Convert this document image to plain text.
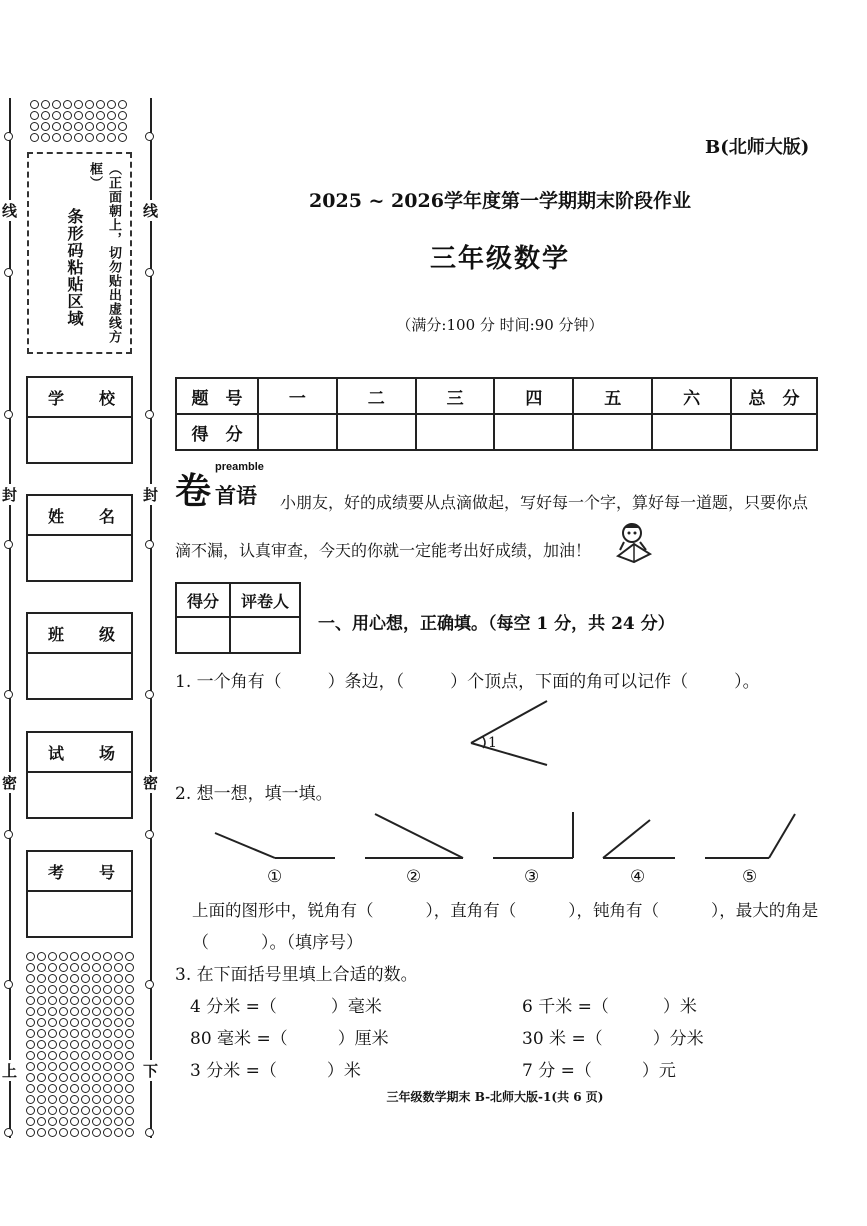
线
封
密
上
线
封
密
下
条形码粘贴区域	（正面朝上，切勿贴出虚线方框）
学 校
姓 名
班 级
试 场
考 号
B(北师大版)
2025 ~ 2026学年度第一学期期末阶段作业
三年级数学
（满分:100 分 时间:90 分钟）
题　号	一	二	三	四	五	六	总　分
得　分							
卷
preamble
首语 小朋友，好的成绩要从点滴做起，写好每一个字，算好每一道题，只要你点
滴不漏，认真审查，今天的你就一定能考出好成绩，加油！
得分	评卷人

一、用心想，正确填。（每空 1 分，共 24 分）
1. 一个角有（	）条边，（	）个顶点，下面的角可以记作（	）。
1
2. 想一想，填一填。
①	②	③	④	⑤
上面的图形中，锐角有（	），直角有（	），钝角有（	），最大的角是
（	）。（填序号）
3. 在下面括号里填上合适的数。
4 分米 =（	）毫米	6 千米 =（	）米
80 毫米 =（	）厘米	30 米 =（	）分米
3 分米 =（	）米	7 分 =（	）元
三年级数学期末 B-北师大版-1(共 6 页)
